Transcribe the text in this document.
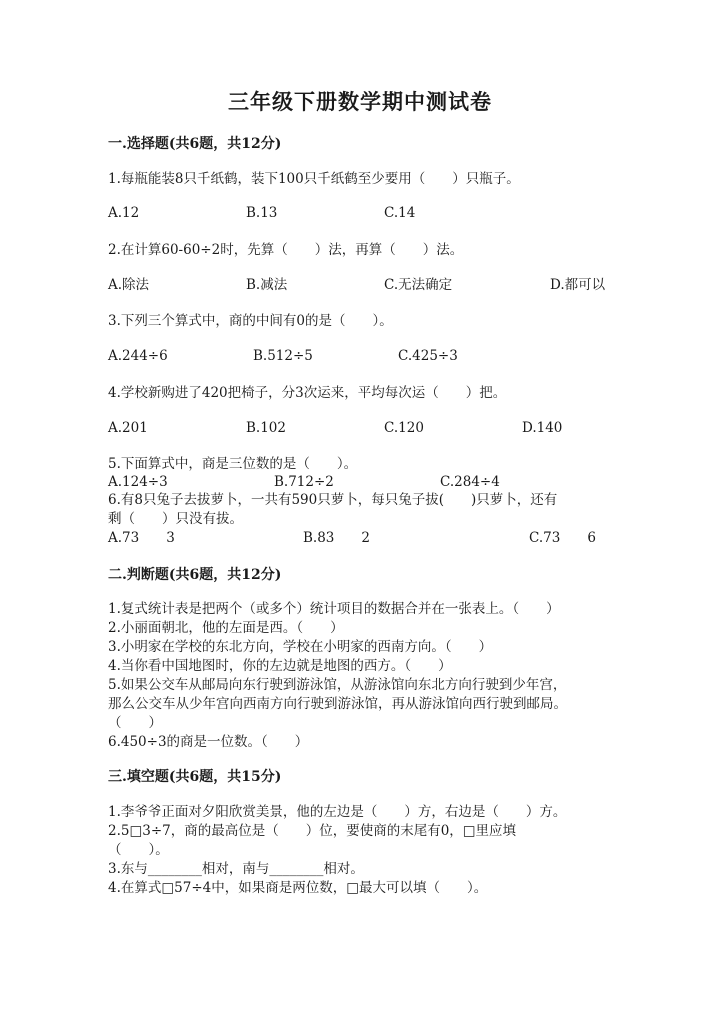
三年级下册数学期中测试卷
一.选择题(共6题，共12分)
1.每瓶能装8只千纸鹤，装下100只千纸鹤至少要用（　　）只瓶子。
A.12	B.13	C.14
2.在计算60-60÷2时，先算（　　）法，再算（　　）法。
A.除法	B.减法	C.无法确定	D.都可以
3.下列三个算式中，商的中间有0的是（　　）。
A.244÷6	B.512÷5	C.425÷3
4.学校新购进了420把椅子，分3次运来，平均每次运（　　）把。
A.201	B.102	C.120	D.140
5.下面算式中，商是三位数的是（　　）。
A.124÷3	B.712÷2	C.284÷4
6.有8只兔子去拔萝卜，一共有590只萝卜，每只兔子拔(　　)只萝卜，还有
剩（　　）只没有拔。
A.73　　3	B.83　　2	C.73　　6
二.判断题(共6题，共12分)
1.复式统计表是把两个（或多个）统计项目的数据合并在一张表上。（　　）
2.小丽面朝北，他的左面是西。（　　）
3.小明家在学校的东北方向，学校在小明家的西南方向。（　　）
4.当你看中国地图时，你的左边就是地图的西方。（　　）
5.如果公交车从邮局向东行驶到游泳馆，从游泳馆向东北方向行驶到少年宫，
那么公交车从少年宫向西南方向行驶到游泳馆，再从游泳馆向西行驶到邮局。
（　　）
6.450÷3的商是一位数。（　　）
三.填空题(共6题，共15分)
1.李爷爷正面对夕阳欣赏美景，他的左边是（　　）方，右边是（　　）方。
2.5□3÷7，商的最高位是（　　）位，要使商的末尾有0，□里应填
（　　）。
3.东与________相对，南与________相对。
4.在算式□57÷4中，如果商是两位数，□最大可以填（　　）。
